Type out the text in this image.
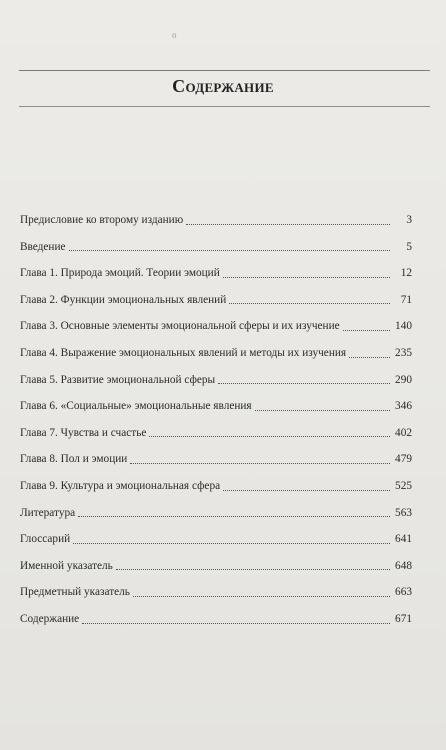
о
Содержание
Предисловие ко второму изданию	3
Введение	5
Глава 1. Природа эмоций. Теории эмоций	12
Глава 2. Функции эмоциональных явлений	71
Глава 3. Основные элементы эмоциональной сферы и их изучение	140
Глава 4. Выражение эмоциональных явлений и методы их изучения	235
Глава 5. Развитие эмоциональной сферы	290
Глава 6. «Социальные» эмоциональные явления	346
Глава 7. Чувства и счастье	402
Глава 8. Пол и эмоции	479
Глава 9. Культура и эмоциональная сфера	525
Литература	563
Глоссарий	641
Именной указатель	648
Предметный указатель	663
Содержание	671
